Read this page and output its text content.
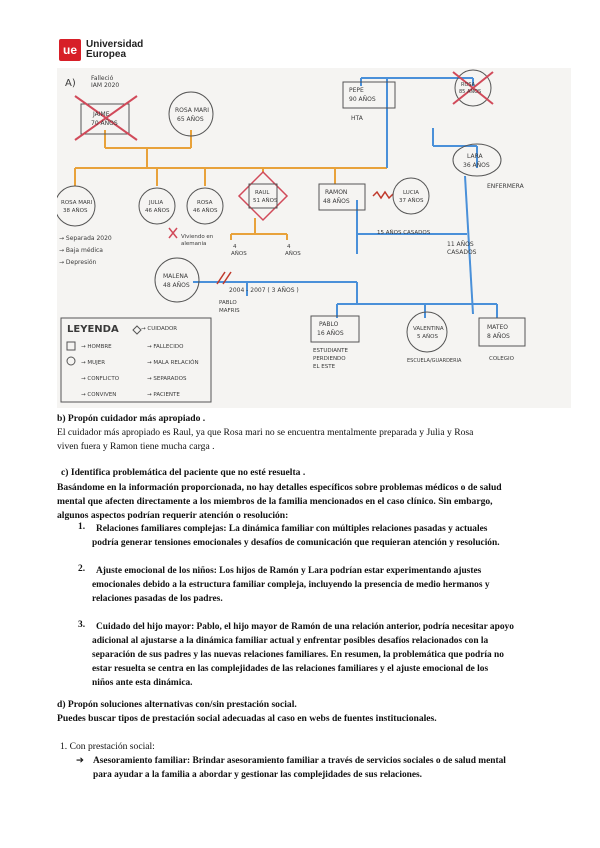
ue Universidad
Europea
A)	Falleció IAM 2020
JAIME 70 AÑOS
ROSA MARI 65 AÑOS
PEPE 90 AÑOS
HTA
ROSA 85 AÑOS
LARA 36 AÑOS
ENFERMERA
ROSA MARI 38 AÑOS
JULIA 46 AÑOS
ROSA 46 AÑOS
RAUL 51 AÑOS
RAMON 48 AÑOS
LUCIA 37 AÑOS
→ Separada 2020
→ Baja médica
→ Depresión
Viviendo en alemania	4 AÑOS
4 AÑOS
15 AÑOS CASADOS
11 AÑOS CASADOS
MALENA 48 AÑOS
2004 - 2007 ( 3 AÑOS )
PABLO MAFRIS
PABLO 16 AÑOS
ESTUDIANTE PERDIENDO EL ESTE
VALENTINA 5 AÑOS
ESCUELA/GUARDERIA
MATEO 8 AÑOS
COLEGIO
LEYENDA	→ CUIDADOR
→ HOMBRE	→ FALLECIDO
→ MUJER	→ MALA RELACIÓN
→ CONFLICTO	→ SEPARADOS
→ CONVIVEN	→ PACIENTE
b) Propón cuidador más apropiado .
El cuidador más apropiado es Raul, ya que Rosa mari no se encuentra mentalmente preparada y Julia y Rosa
viven fuera y Ramon tiene mucha carga .
c) Identifica problemática del paciente que no esté resuelta .
Basándome en la información proporcionada, no hay detalles específicos sobre problemas médicos o de salud
mental que afecten directamente a los miembros de la familia mencionados en el caso clínico. Sin embargo,
algunos aspectos podrían requerir atención o resolución:
1. Relaciones familiares complejas: La dinámica familiar con múltiples relaciones pasadas y actuales
podría generar tensiones emocionales y desafíos de comunicación que requieran atención y resolución.
2. Ajuste emocional de los niños: Los hijos de Ramón y Lara podrían estar experimentando ajustes
emocionales debido a la estructura familiar compleja, incluyendo la presencia de medio hermanos y
relaciones pasadas de los padres.
3. Cuidado del hijo mayor: Pablo, el hijo mayor de Ramón de una relación anterior, podría necesitar apoyo
adicional al ajustarse a la dinámica familiar actual y enfrentar posibles desafíos relacionados con la
separación de sus padres y las nuevas relaciones familiares. En resumen, la problemática que podría no
estar resuelta se centra en las complejidades de las relaciones familiares y el ajuste emocional de los
niños ante esta dinámica.
d) Propón soluciones alternativas con/sin prestación social.
Puedes buscar tipos de prestación social adecuadas al caso en webs de fuentes institucionales.
1. Con prestación social:
➔ Asesoramiento familiar: Brindar asesoramiento familiar a través de servicios sociales o de salud mental
para ayudar a la familia a abordar y gestionar las complejidades de sus relaciones.
